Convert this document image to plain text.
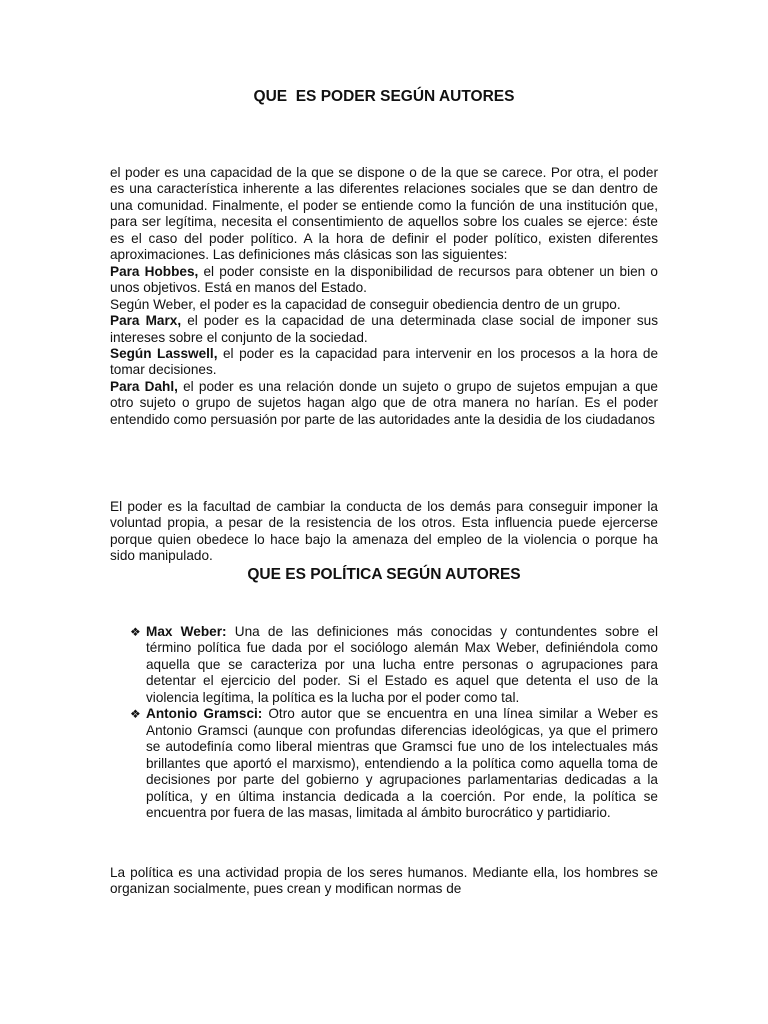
QUE  ES PODER SEGÚN AUTORES
el poder es una capacidad de la que se dispone o de la que se carece. Por otra, el poder es una característica inherente a las diferentes relaciones sociales que se dan dentro de una comunidad. Finalmente, el poder se entiende como la función de una institución que, para ser legítima, necesita el consentimiento de aquellos sobre los cuales se ejerce: éste es el caso del poder político. A la hora de definir el poder político, existen diferentes aproximaciones. Las definiciones más clásicas son las siguientes:
Para Hobbes, el poder consiste en la disponibilidad de recursos para obtener un bien o unos objetivos. Está en manos del Estado.
Según Weber, el poder es la capacidad de conseguir obediencia dentro de un grupo.
Para Marx, el poder es la capacidad de una determinada clase social de imponer sus intereses sobre el conjunto de la sociedad.
Según Lasswell, el poder es la capacidad para intervenir en los procesos a la hora de tomar decisiones.
Para Dahl, el poder es una relación donde un sujeto o grupo de sujetos empujan a que otro sujeto o grupo de sujetos hagan algo que de otra manera no harían. Es el poder entendido como persuasión por parte de las autoridades ante la desidia de los ciudadanos

El poder es la facultad de cambiar la conducta de los demás para conseguir imponer la voluntad propia, a pesar de la resistencia de los otros. Esta influencia puede ejercerse porque quien obedece lo hace bajo la amenaza del empleo de la violencia o porque ha sido manipulado.

QUE ES POLÍTICA SEGÚN AUTORES
❖ Max Weber: Una de las definiciones más conocidas y contundentes sobre el término política fue dada por el sociólogo alemán Max Weber, definiéndola como aquella que se caracteriza por una lucha entre personas o agrupaciones para detentar el ejercicio del poder. Si el Estado es aquel que detenta el uso de la violencia legítima, la política es la lucha por el poder como tal.
❖ Antonio Gramsci: Otro autor que se encuentra en una línea similar a Weber es Antonio Gramsci (aunque con profundas diferencias ideológicas, ya que el primero se autodefinía como liberal mientras que Gramsci fue uno de los intelectuales más brillantes que aportó el marxismo), entendiendo a la política como aquella toma de decisiones por parte del gobierno y agrupaciones parlamentarias dedicadas a la política, y en última instancia dedicada a la coerción. Por ende, la política se encuentra por fuera de las masas, limitada al ámbito burocrático y partidiario.

La política es una actividad propia de los seres humanos. Mediante ella, los hombres se organizan socialmente, pues crean y modifican normas de
